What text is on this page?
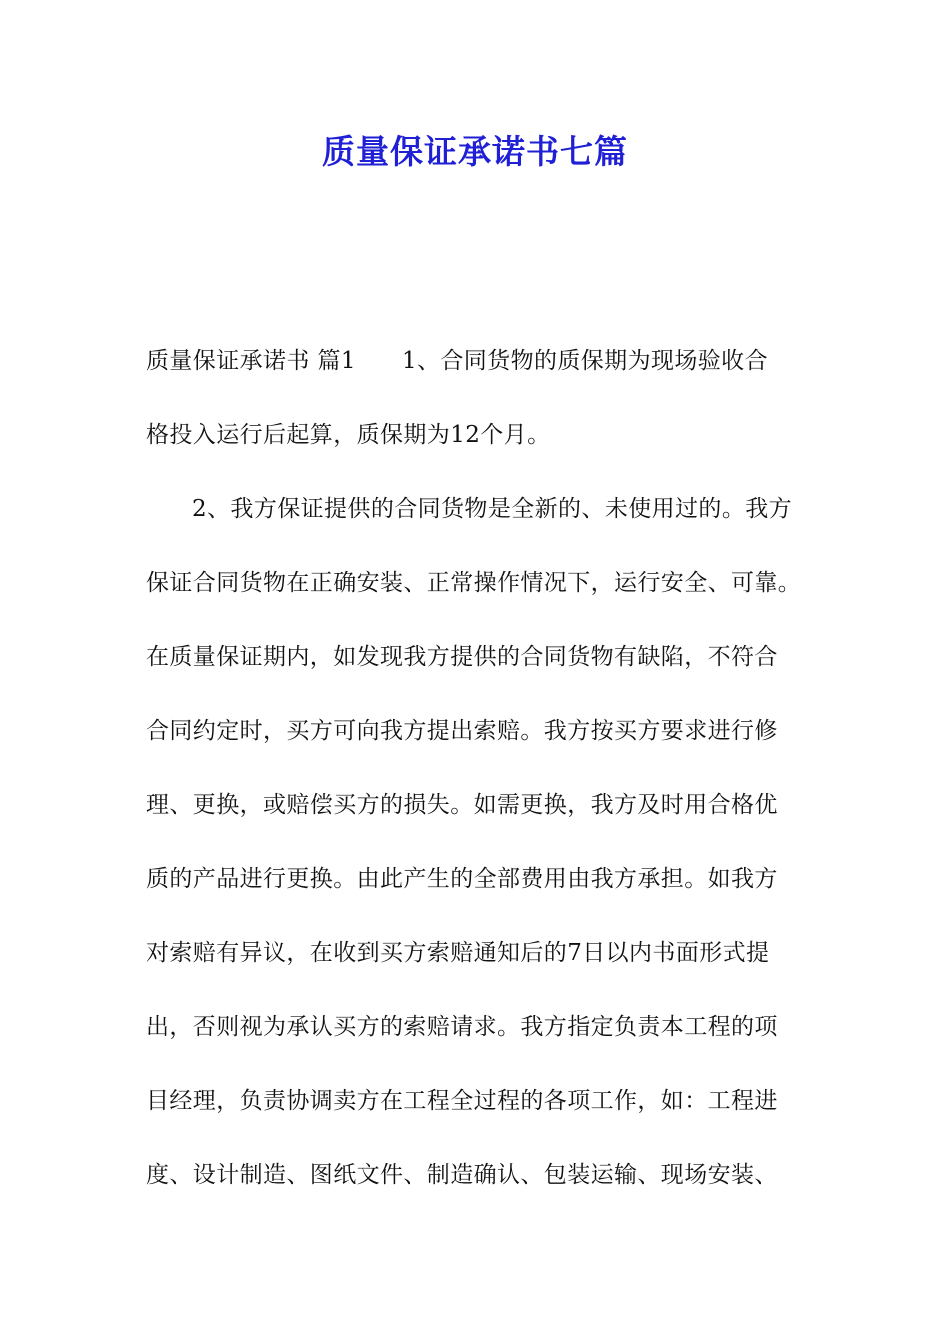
质量保证承诺书七篇
质量保证承诺书 篇1 1、合同货物的质保期为现场验收合
格投入运行后起算，质保期为12个月。
2、我方保证提供的合同货物是全新的、未使用过的。我方
保证合同货物在正确安装、正常操作情况下，运行安全、可靠。
在质量保证期内，如发现我方提供的合同货物有缺陷，不符合
合同约定时，买方可向我方提出索赔。我方按买方要求进行修
理、更换，或赔偿买方的损失。如需更换，我方及时用合格优
质的产品进行更换。由此产生的全部费用由我方承担。如我方
对索赔有异议，在收到买方索赔通知后的7日以内书面形式提
出，否则视为承认买方的索赔请求。我方指定负责本工程的项
目经理，负责协调卖方在工程全过程的各项工作，如：工程进
度、设计制造、图纸文件、制造确认、包装运输、现场安装、
